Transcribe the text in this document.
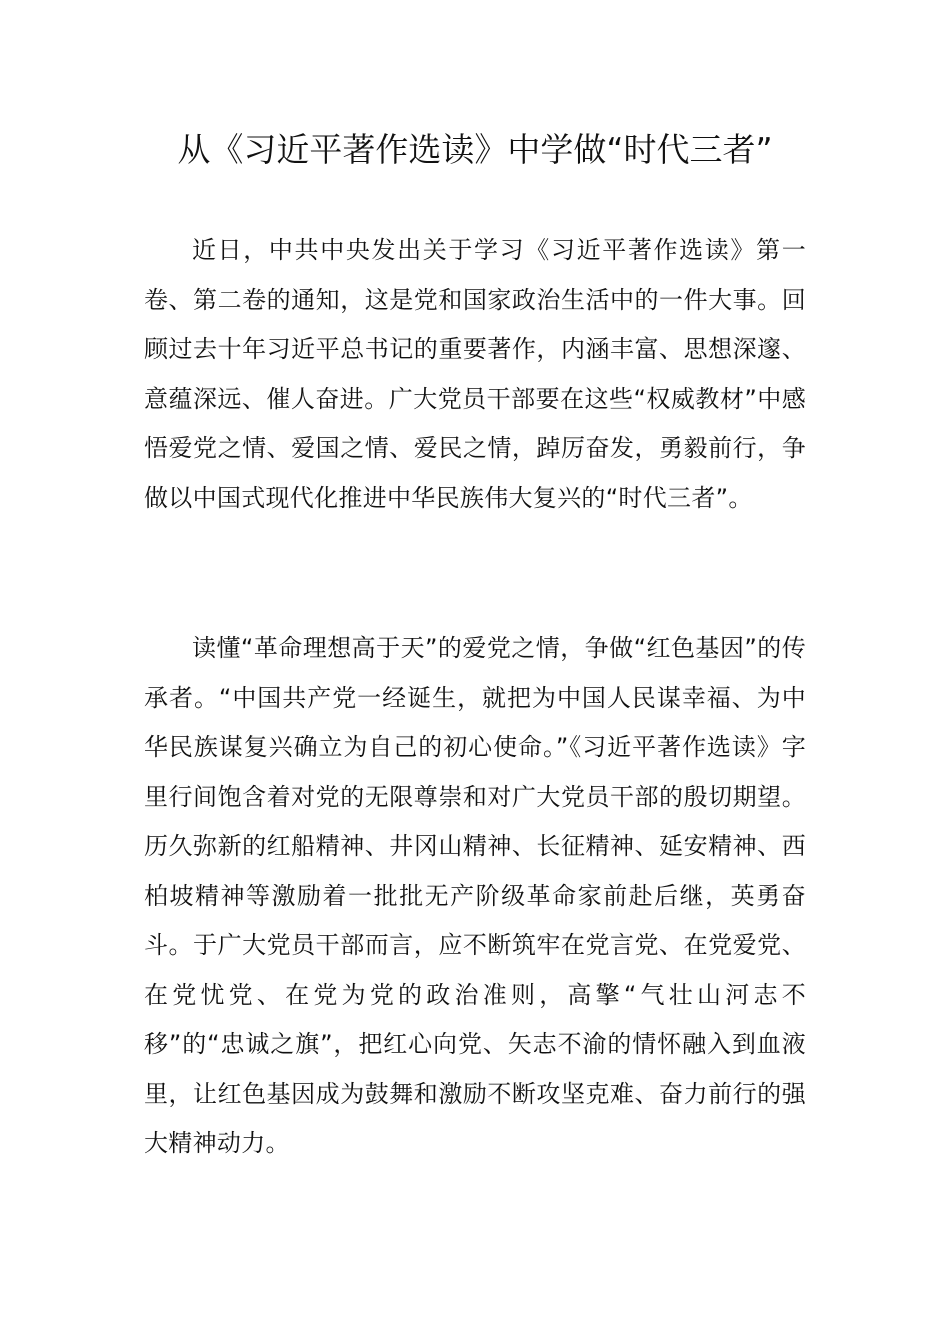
从《习近平著作选读》中学做“时代三者”

近日，中共中央发出关于学习《习近平著作选读》第一卷、第二卷的通知，这是党和国家政治生活中的一件大事。回顾过去十年习近平总书记的重要著作，内涵丰富、思想深邃、意蕴深远、催人奋进。广大党员干部要在这些“权威教材”中感悟爱党之情、爱国之情、爱民之情，踔厉奋发，勇毅前行，争做以中国式现代化推进中华民族伟大复兴的“时代三者”。

读懂“革命理想高于天”的爱党之情，争做“红色基因”的传承者。“中国共产党一经诞生，就把为中国人民谋幸福、为中华民族谋复兴确立为自己的初心使命。”《习近平著作选读》字里行间饱含着对党的无限尊崇和对广大党员干部的殷切期望。历久弥新的红船精神、井冈山精神、长征精神、延安精神、西柏坡精神等激励着一批批无产阶级革命家前赴后继，英勇奋斗。于广大党员干部而言，应不断筑牢在党言党、在党爱党、在党忧党、在党为党的政治准则，高擎“气壮山河志不移”的“忠诚之旗”，把红心向党、矢志不渝的情怀融入到血液里，让红色基因成为鼓舞和激励不断攻坚克难、奋力前行的强大精神动力。
